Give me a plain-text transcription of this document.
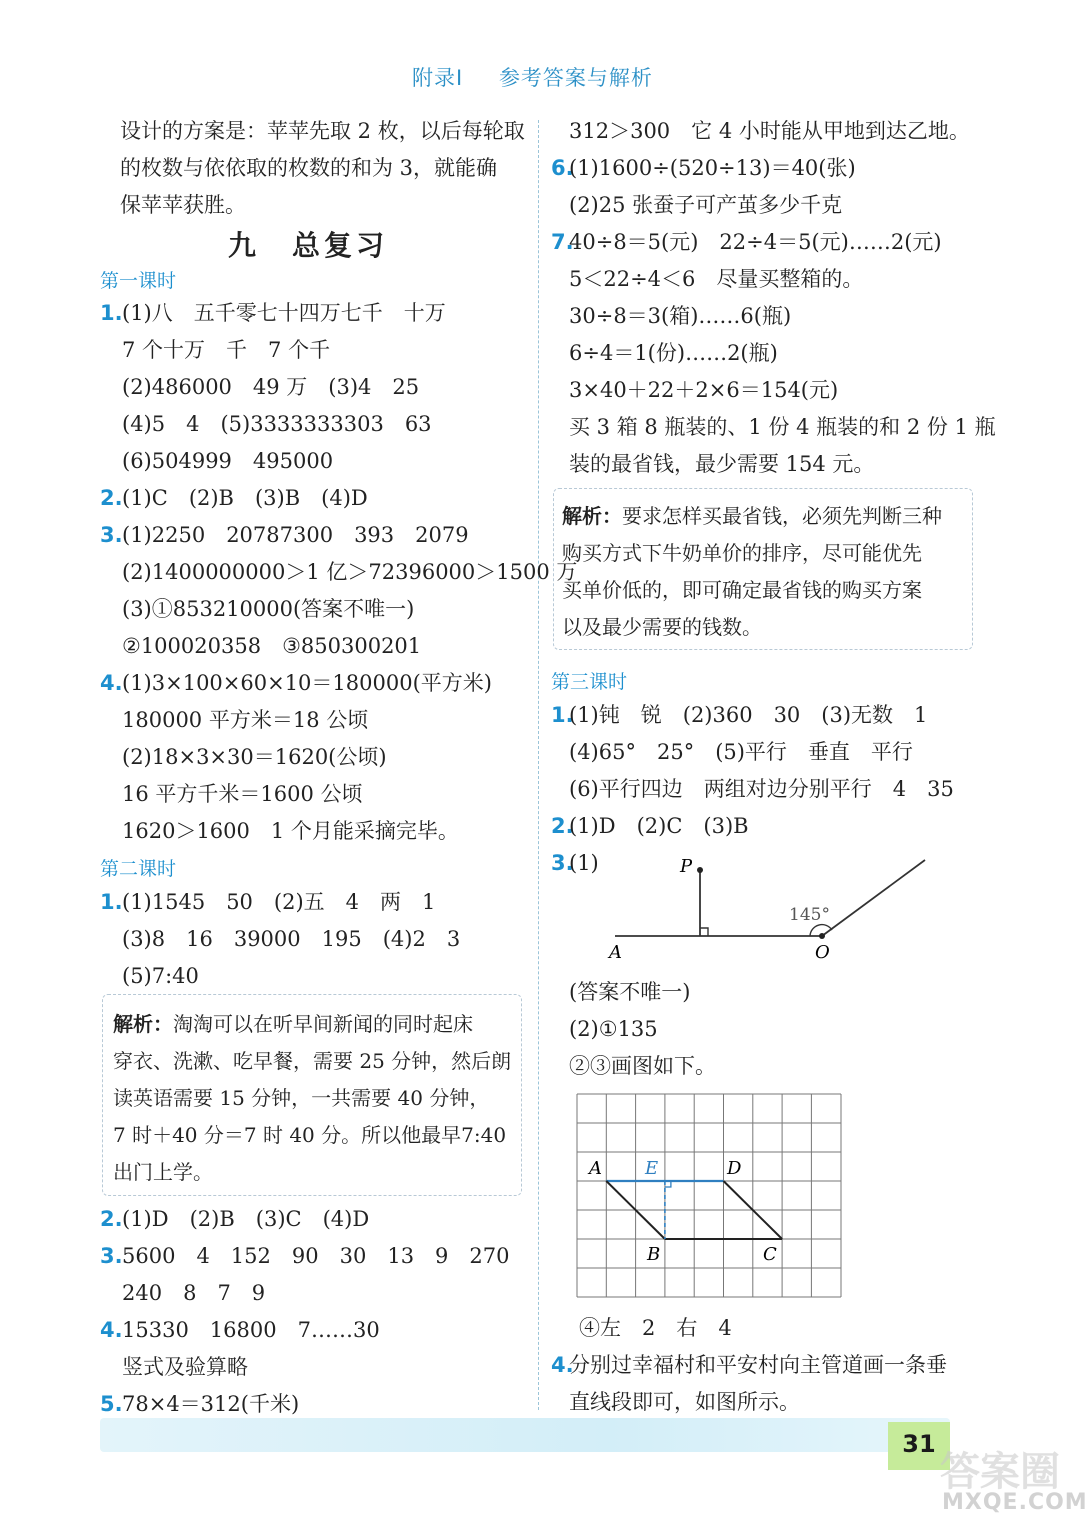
附录Ⅰ 参考答案与解析
设计的方案是：苹苹先取 2 枚，以后每轮取
的枚数与依依取的枚数的和为 3，就能确
保苹苹获胜。
九　总复习
第一课时
1. (1)八　五千零七十四万七千　十万
7 个十万　千　7 个千
(2)486000　49 万　(3)4　25
(4)5　4　(5)3333333303　63
(6)504999　495000
2. (1)C　(2)B　(3)B　(4)D
3. (1)2250　20787300　393　2079
(2)1400000000＞1 亿＞72396000＞1500 万
(3)①853210000(答案不唯一)
②100020358　③850300201
4. (1)3×100×60×10＝180000(平方米)
180000 平方米＝18 公顷
(2)18×3×30＝1620(公顷)
16 平方千米＝1600 公顷
1620＞1600　1 个月能采摘完毕。
第二课时
1. (1)1545　50　(2)五　4　两　1
(3)8　16　39000　195　(4)2　3
(5)7:40
解析：淘淘可以在听早间新闻的同时起床
穿衣、洗漱、吃早餐，需要 25 分钟，然后朗
读英语需要 15 分钟，一共需要 40 分钟，
7 时＋40 分＝7 时 40 分。所以他最早7:40
出门上学。
2. (1)D　(2)B　(3)C　(4)D
3. 5600　4　152　90　30　13　9　270
240　8　7　9
4. 15330　16800　7……30
竖式及验算略
5. 78×4＝312(千米)
312＞300　它 4 小时能从甲地到达乙地。
6.
(1)1600÷(520÷13)＝40(张)
(2)25 张蚕子可产茧多少千克
7.
40÷8＝5(元)　22÷4＝5(元)……2(元)
5＜22÷4＜6　尽量买整箱的。
30÷8＝3(箱)……6(瓶)
6÷4＝1(份)……2(瓶)
3×40＋22＋2×6＝154(元)
买 3 箱 8 瓶装的、1 份 4 瓶装的和 2 份 1 瓶
装的最省钱，最少需要 154 元。
解析：要求怎样买最省钱，必须先判断三种
购买方式下牛奶单价的排序，尽可能优先
买单价低的，即可确定最省钱的购买方案
以及最少需要的钱数。
第三课时
1.
(1)钝　锐　(2)360　30　(3)无数　1
(4)65°　25°　(5)平行　垂直　平行
(6)平行四边　两组对边分别平行　4　35
2.
(1)D　(2)C　(3)B
3.
(1)	P
A	O
145°
(答案不唯一)
(2)①135
②③画图如下。
A E	D
B	C
④左　2　右　4
4.
分别过幸福村和平安村向主管道画一条垂
直线段即可，如图所示。
31
答案圈
MXQE.COM
